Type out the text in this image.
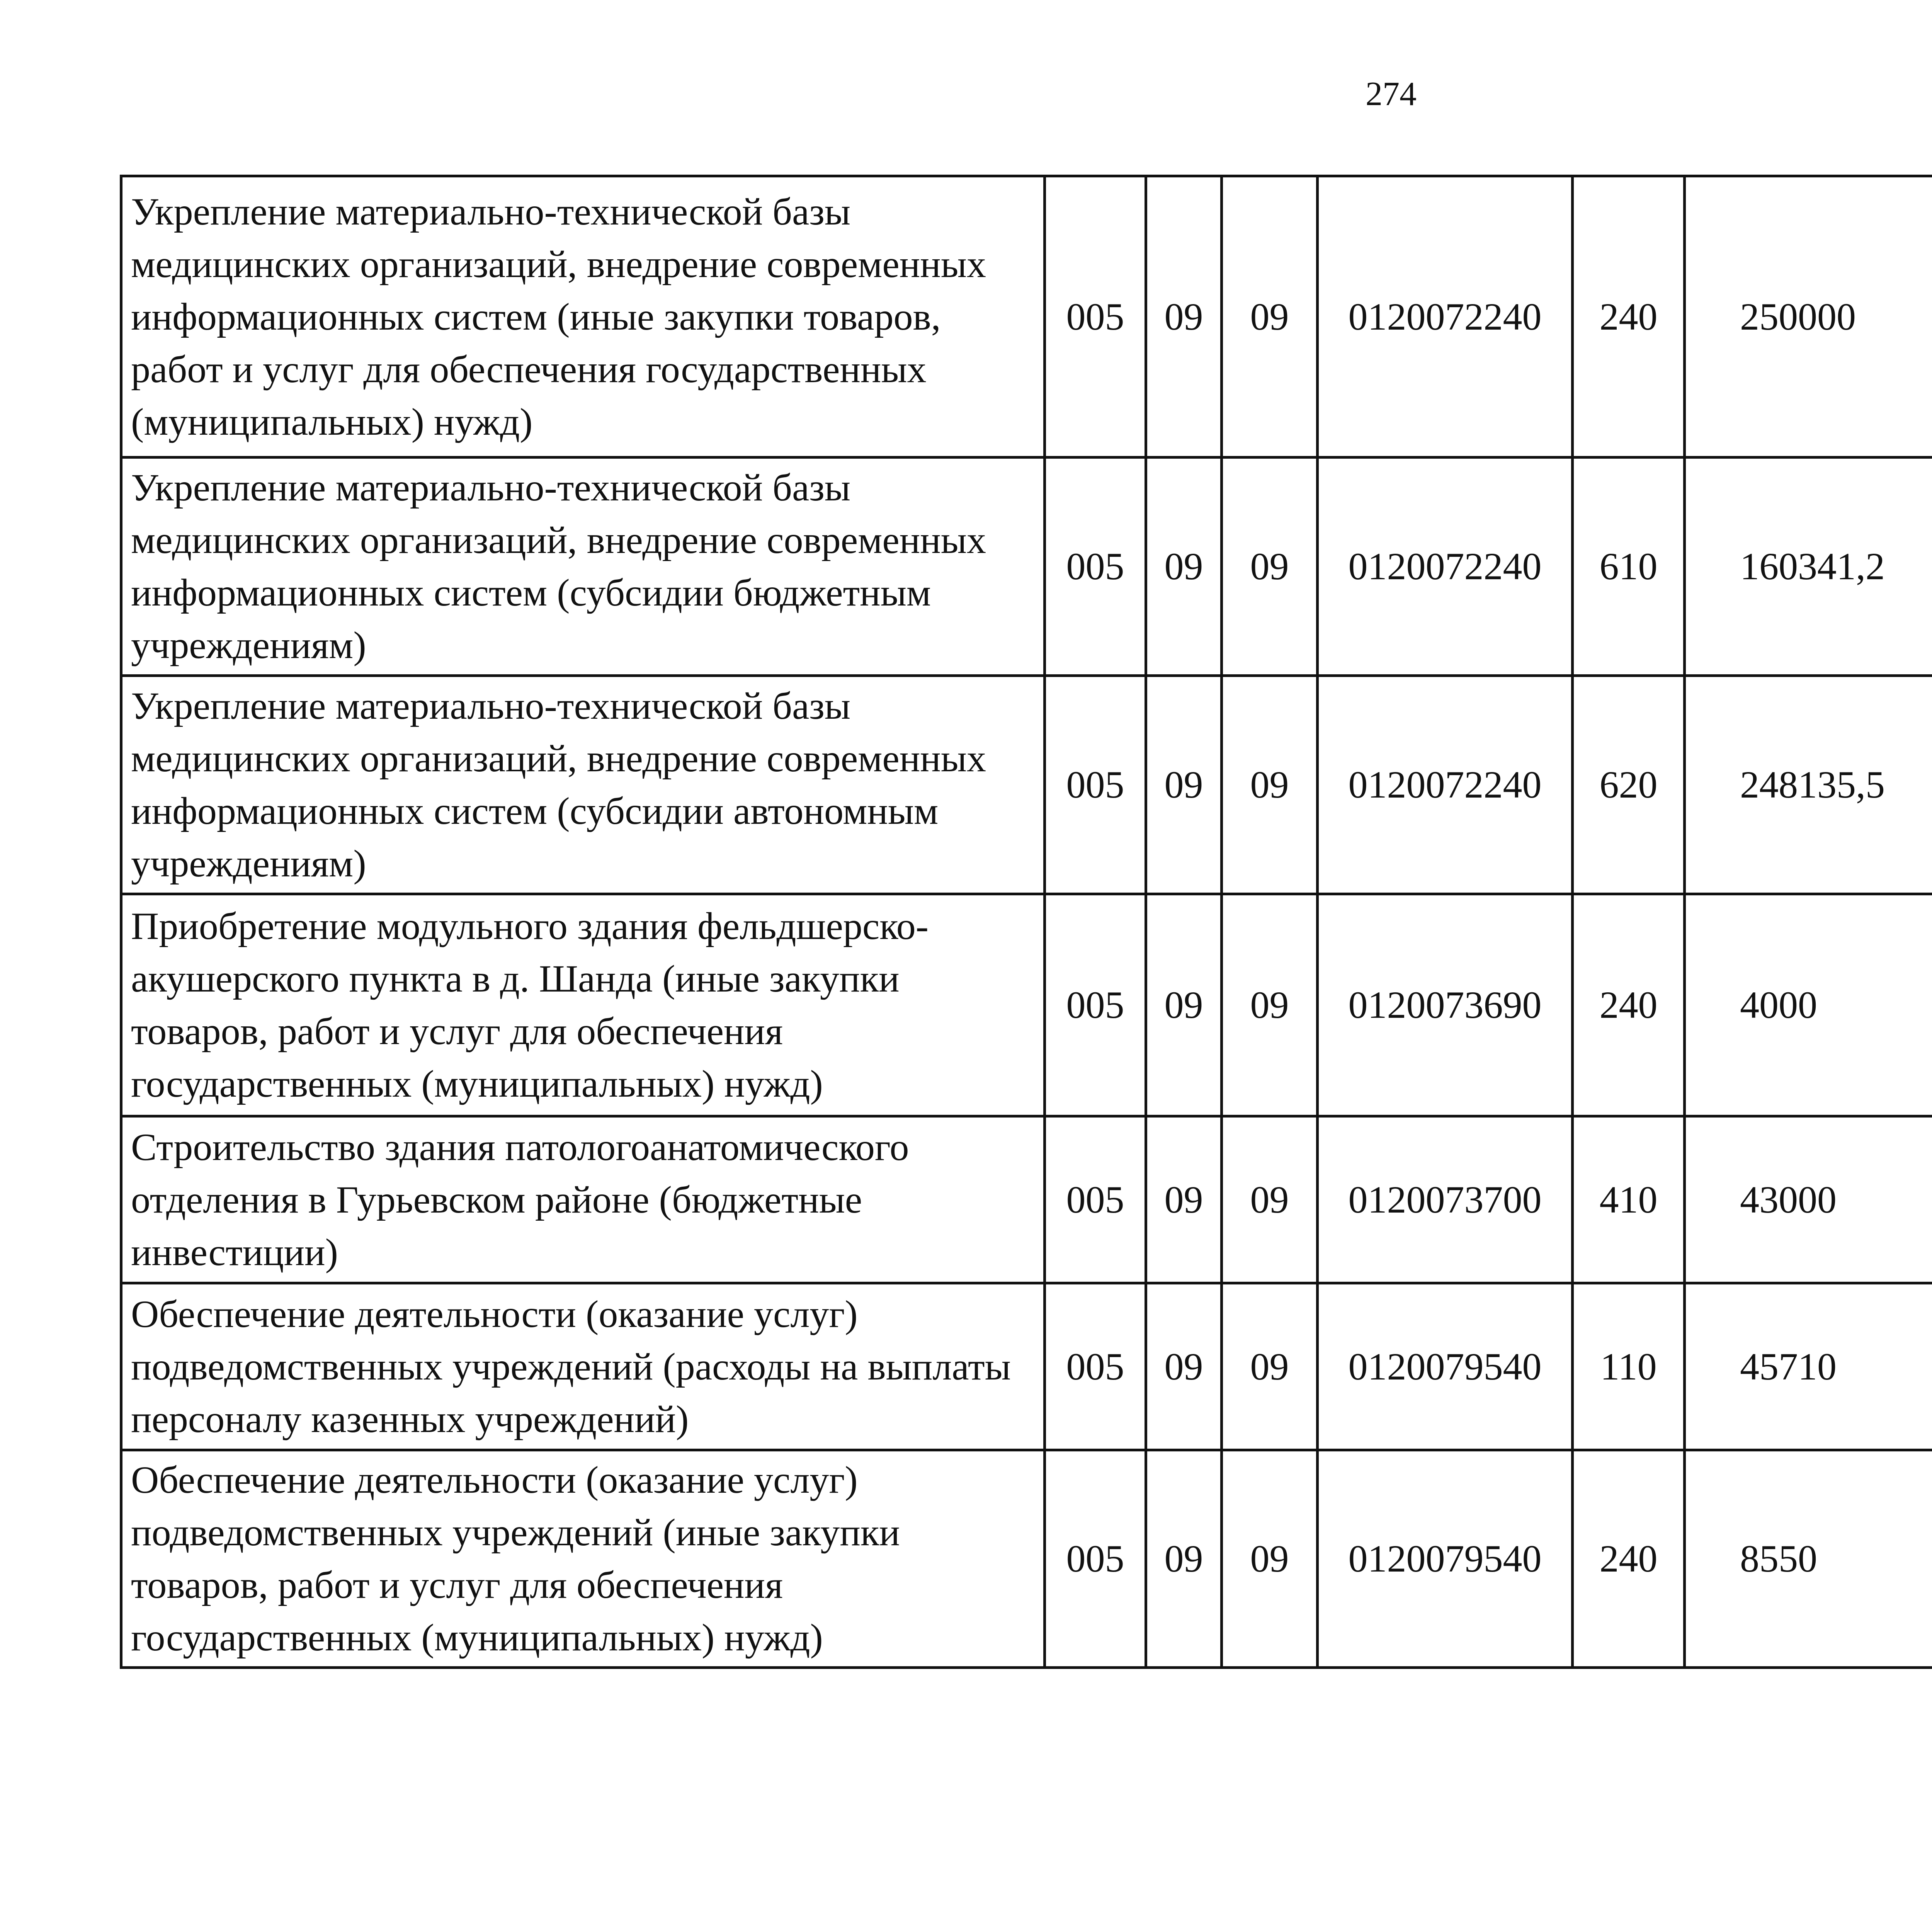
274
Укрепление материально-технической базы медицинских организаций, внедрение современных информационных систем (иные закупки товаров, работ и услуг для обеспечения государственных (муниципальных) нужд)	005	09	09	0120072240	240	250000		
Укрепление материально-технической базы медицинских организаций, внедрение современных информационных систем (субсидии бюджетным учреждениям)	005	09	09	0120072240	610	160341,2		
Укрепление материально-технической базы медицинских организаций, внедрение современных информационных систем (субсидии автономным учреждениям)	005	09	09	0120072240	620	248135,5		
Приобретение модульного здания фельдшерско-акушерского пункта в д. Шанда (иные закупки товаров, работ и услуг для обеспечения государственных (муниципальных) нужд)	005	09	09	0120073690	240	4000		
Строительство здания патологоанатомического отделения в Гурьевском районе (бюджетные инвестиции)	005	09	09	0120073700	410	43000		
Обеспечение деятельности (оказание услуг) подведомственных учреждений (расходы на выплаты персоналу казенных учреждений)	005	09	09	0120079540	110	45710		
Обеспечение деятельности (оказание услуг) подведомственных учреждений (иные закупки товаров, работ и услуг для обеспечения государственных (муниципальных) нужд)	005	09	09	0120079540	240	8550		
